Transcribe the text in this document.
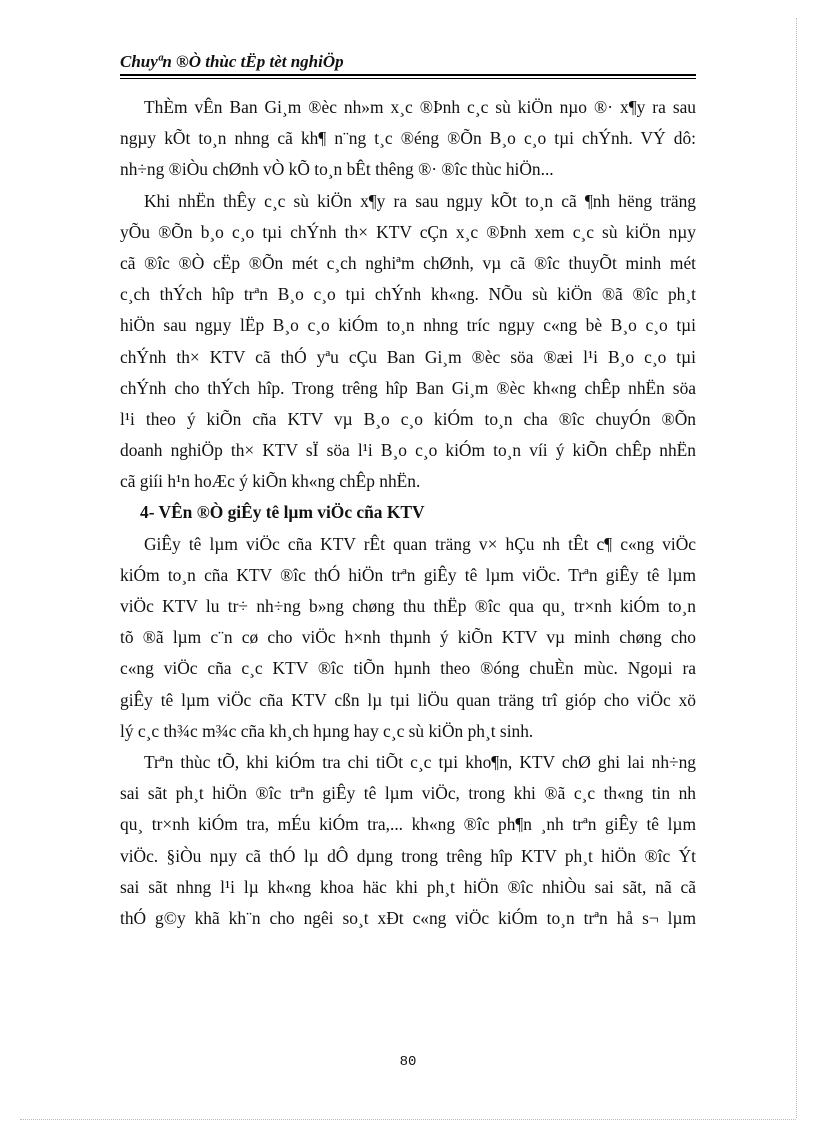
Chuyªn ®Ò thùc tËp tèt nghiÖp
ThÈm vÊn Ban Gi¸m ®èc nh»m x¸c ®Þnh c¸c sù kiÖn nµo ®· x¶y ra sau
ngµy kÕt to¸n nhng cã kh¶ n¨ng t¸c ®éng ®Õn B¸o c¸o tµi chÝnh. VÝ dô:
nh÷ng ®iÒu chØnh vÒ kÕ to¸n bÊt thêng ®· ®îc thùc hiÖn...
Khi nhËn thÊy c¸c sù kiÖn x¶y ra sau ngµy kÕt to¸n cã ¶nh hëng träng
yÕu ®Õn b¸o c¸o tµi chÝnh th× KTV cÇn x¸c ®Þnh xem c¸c sù kiÖn nµy
cã ®îc ®Ò cËp ®Õn mét c¸ch nghiªm chØnh, vµ cã ®îc thuyÕt minh mét
c¸ch thÝch hîp trªn B¸o c¸o tµi chÝnh kh«ng. NÕu sù kiÖn ®ã ®îc ph¸t
hiÖn sau ngµy lËp B¸o c¸o kiÓm to¸n nhng tríc ngµy c«ng bè B¸o c¸o tµi
chÝnh th× KTV cã thÓ yªu cÇu Ban Gi¸m ®èc söa ®æi l¹i B¸o c¸o tµi
chÝnh cho thÝch hîp. Trong trêng hîp Ban Gi¸m ®èc kh«ng chÊp nhËn söa
l¹i theo ý kiÕn cña KTV vµ B¸o c¸o kiÓm to¸n cha ®îc chuyÓn ®Õn
doanh nghiÖp th× KTV sÏ söa l¹i B¸o c¸o kiÓm to¸n víi ý kiÕn chÊp nhËn
cã giíi h¹n hoÆc ý kiÕn kh«ng chÊp nhËn.
4- VÊn ®Ò giÊy tê lµm viÖc cña KTV
GiÊy tê lµm viÖc cña KTV rÊt quan träng v× hÇu nh tÊt c¶ c«ng viÖc
kiÓm to¸n cña KTV ®îc thÓ hiÖn trªn giÊy tê lµm viÖc. Trªn giÊy tê lµm
viÖc KTV lu tr÷ nh÷ng b»ng chøng thu thËp ®îc qua qu¸ tr×nh kiÓm to¸n
tõ ®ã lµm c¨n cø cho viÖc h×nh thµnh ý kiÕn KTV vµ minh chøng cho
c«ng viÖc cña c¸c KTV ®îc tiÕn hµnh theo ®óng chuÈn mùc. Ngoµi ra
giÊy tê lµm viÖc cña KTV cßn lµ tµi liÖu quan träng trî gióp cho viÖc xö
lý c¸c th¾c m¾c cña kh¸ch hµng hay c¸c sù kiÖn ph¸t sinh.
Trªn thùc tÕ, khi kiÓm tra chi tiÕt c¸c tµi kho¶n, KTV chØ ghi lai nh÷ng
sai sãt ph¸t hiÖn ®îc trªn giÊy tê lµm viÖc, trong khi ®ã c¸c th«ng tin nh
qu¸ tr×nh kiÓm tra, mÉu kiÓm tra,... kh«ng ®îc ph¶n ¸nh trªn giÊy tê lµm
viÖc. §iÒu nµy cã thÓ lµ dÔ dµng trong trêng hîp KTV ph¸t hiÖn ®îc Ýt
sai sãt nhng l¹i lµ kh«ng khoa häc khi ph¸t hiÖn ®îc nhiÒu sai sãt, nã cã
thÓ g©y khã kh¨n cho ngêi so¸t xÐt c«ng viÖc kiÓm to¸n trªn hå s¬ lµm
80
